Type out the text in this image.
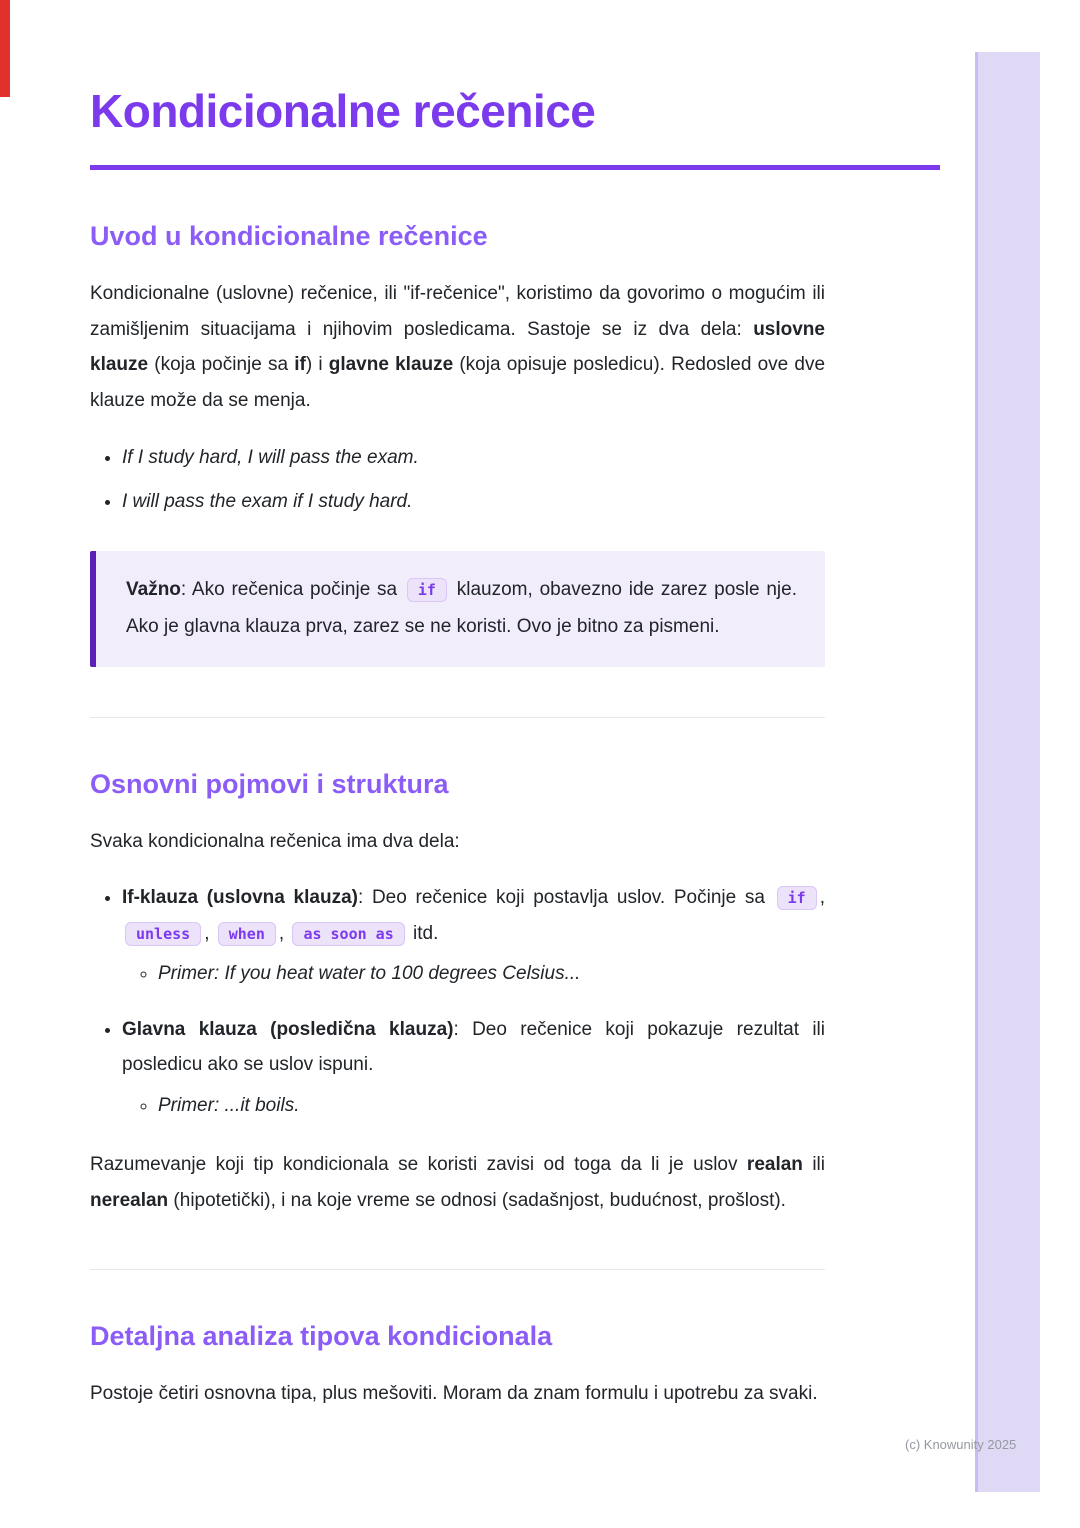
Kondicionalne rečenice
Uvod u kondicionalne rečenice

Kondicionalne (uslovne) rečenice, ili "if-rečenice", koristimo da govorimo o mogućim ili zamišljenim situacijama i njihovim posledicama. Sastoje se iz dva dela: uslovne klauze (koja počinje sa if) i glavne klauze (koja opisuje posledicu). Redosled ove dve klauze može da se menja.

• If I study hard, I will pass the exam.
• I will pass the exam if I study hard.

Važno: Ako rečenica počinje sa if klauzom, obavezno ide zarez posle nje. Ako je glavna klauza prva, zarez se ne koristi. Ovo je bitno za pismeni.

Osnovni pojmovi i struktura

Svaka kondicionalna rečenica ima dva dela:

• If-klauza (uslovna klauza): Deo rečenice koji postavlja uslov. Počinje sa if , unless , when , as soon as itd.

◦ Primer: If you heat water to 100 degrees Celsius...

• Glavna klauza (posledična klauza): Deo rečenice koji pokazuje rezultat ili posledicu ako se uslov ispuni.

◦ Primer: ...it boils.

Razumevanje koji tip kondicionala se koristi zavisi od toga da li je uslov realan ili nerealan (hipotetički), i na koje vreme se odnosi (sadašnjost, budućnost, prošlost).

Detaljna analiza tipova kondicionala

Postoje četiri osnovna tipa, plus mešoviti. Moram da znam formulu i upotrebu za svaki.

(c) Knowunity 2025
